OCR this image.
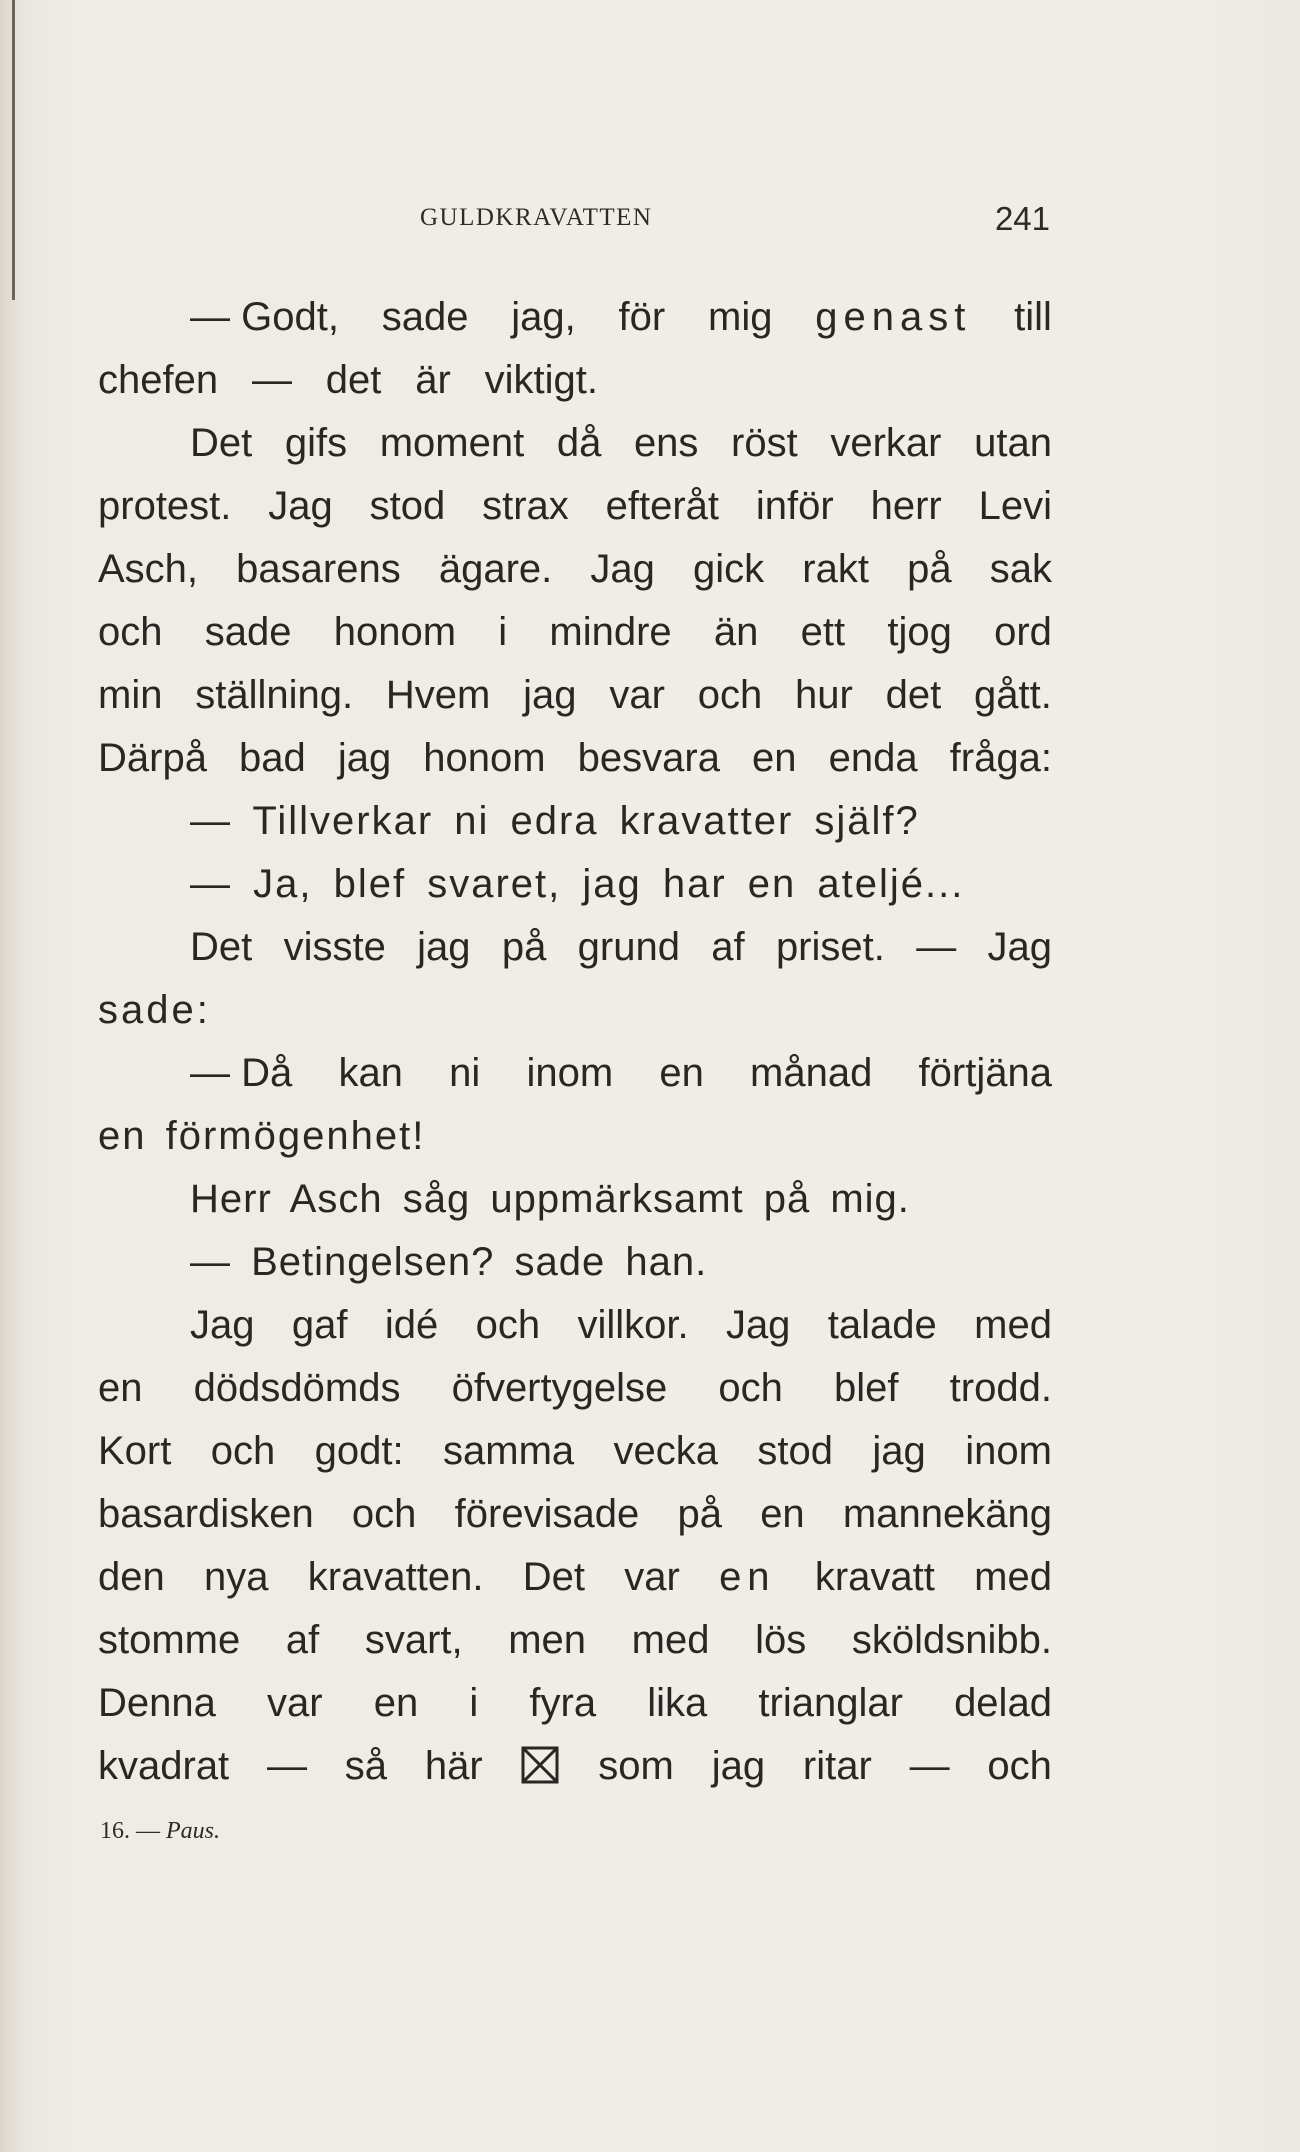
GULDKRAVATTEN	241
— Godt, sade jag, för mig genast till
chefen — det är viktigt.
Det gifs moment då ens röst verkar utan
protest. Jag stod strax efteråt inför herr Levi
Asch, basarens ägare. Jag gick rakt på sak
och sade honom i mindre än ett tjog ord
min ställning. Hvem jag var och hur det gått.
Därpå bad jag honom besvara en enda fråga:
— Tillverkar ni edra kravatter själf?
— Ja, blef svaret, jag har en ateljé...
Det visste jag på grund af priset. — Jag
sade:
— Då kan ni inom en månad förtjäna
en förmögenhet!
Herr Asch såg uppmärksamt på mig.
— Betingelsen? sade han.
Jag gaf idé och villkor. Jag talade med
en dödsdömds öfvertygelse och blef trodd.
Kort och godt: samma vecka stod jag inom
basardisken och förevisade på en mannekäng
den nya kravatten. Det var en kravatt med
stomme af svart, men med lös sköldsnibb.
Denna var en i fyra lika trianglar delad
kvadrat — så här	som jag ritar — och
16. — Paus.
